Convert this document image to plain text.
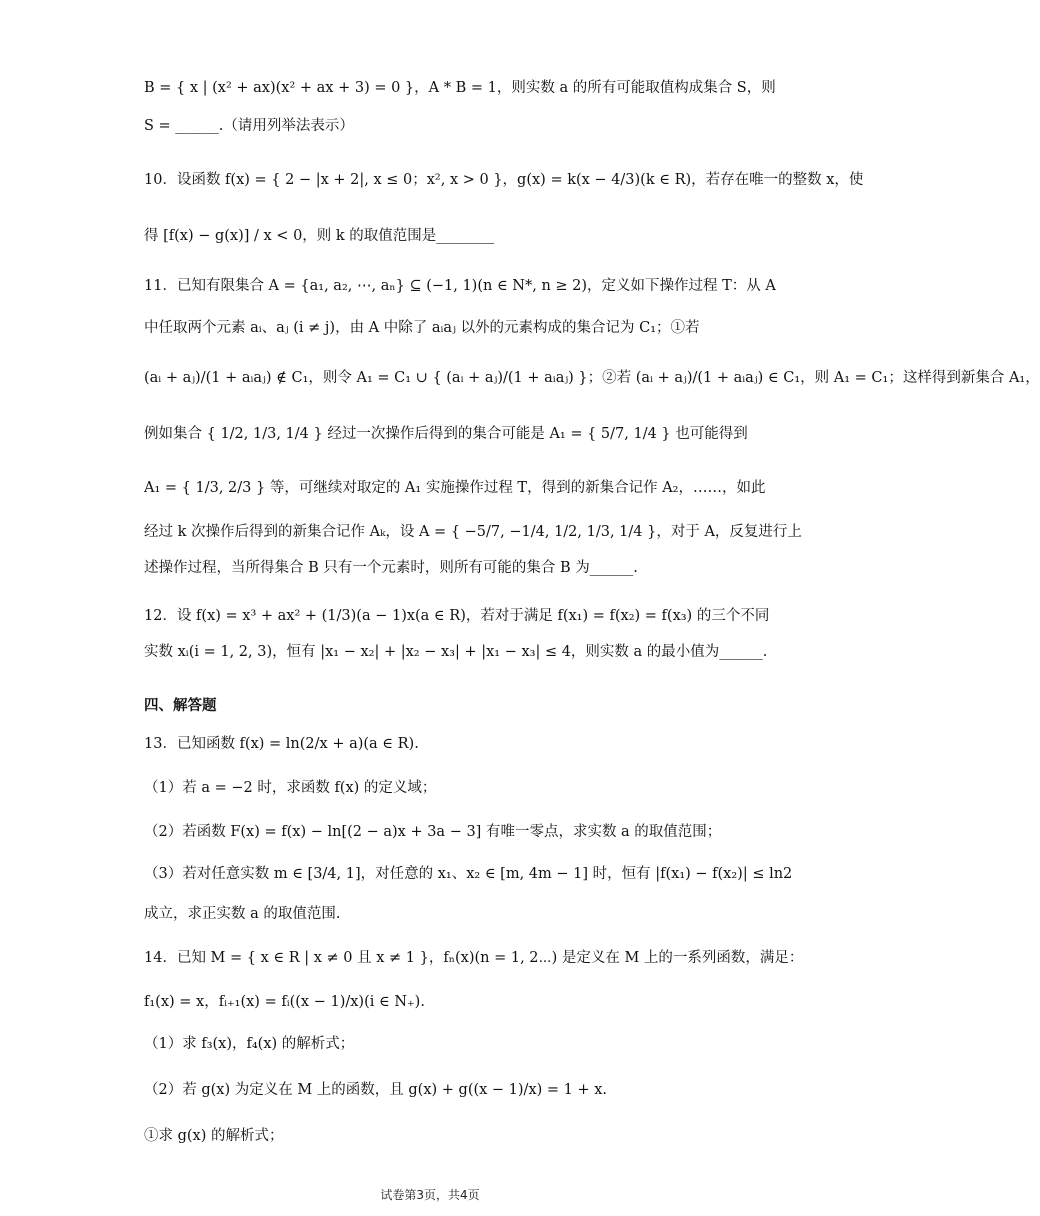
B = { x | (x² + ax)(x² + ax + 3) = 0 }，A * B = 1，则实数 a 的所有可能取值构成集合 S，则
S = ______.（请用列举法表示）
10．设函数 f(x) = { 2 − |x + 2|, x ≤ 0；x², x > 0 }，g(x) = k(x − 4/3)(k ∈ R)，若存在唯一的整数 x，使
得 [f(x) − g(x)] / x < 0，则 k 的取值范围是________
11．已知有限集合 A = {a₁, a₂, ⋯, aₙ} ⊆ (−1, 1)(n ∈ N*, n ≥ 2)，定义如下操作过程 T：从 A
中任取两个元素 aᵢ、aⱼ (i ≠ j)，由 A 中除了 aᵢaⱼ 以外的元素构成的集合记为 C₁；①若
(aᵢ + aⱼ)/(1 + aᵢaⱼ) ∉ C₁，则令 A₁ = C₁ ∪ { (aᵢ + aⱼ)/(1 + aᵢaⱼ) }；②若 (aᵢ + aⱼ)/(1 + aᵢaⱼ) ∈ C₁，则 A₁ = C₁；这样得到新集合 A₁，
例如集合 { 1/2, 1/3, 1/4 } 经过一次操作后得到的集合可能是 A₁ = { 5/7, 1/4 } 也可能得到
A₁ = { 1/3, 2/3 } 等，可继续对取定的 A₁ 实施操作过程 T，得到的新集合记作 A₂，……，如此
经过 k 次操作后得到的新集合记作 Aₖ，设 A = { −5/7, −1/4, 1/2, 1/3, 1/4 }，对于 A，反复进行上
述操作过程，当所得集合 B 只有一个元素时，则所有可能的集合 B 为______.
12．设 f(x) = x³ + ax² + (1/3)(a − 1)x(a ∈ R)，若对于满足 f(x₁) = f(x₂) = f(x₃) 的三个不同
实数 xᵢ(i = 1, 2, 3)，恒有 |x₁ − x₂| + |x₂ − x₃| + |x₁ − x₃| ≤ 4，则实数 a 的最小值为______.
四、解答题
13．已知函数 f(x) = ln(2/x + a)(a ∈ R).
（1）若 a = −2 时，求函数 f(x) 的定义域；
（2）若函数 F(x) = f(x) − ln[(2 − a)x + 3a − 3] 有唯一零点，求实数 a 的取值范围；
（3）若对任意实数 m ∈ [3/4, 1]，对任意的 x₁、x₂ ∈ [m, 4m − 1] 时，恒有 |f(x₁) − f(x₂)| ≤ ln2
成立，求正实数 a 的取值范围.
14．已知 M = { x ∈ R | x ≠ 0 且 x ≠ 1 }，fₙ(x)(n = 1, 2⋯) 是定义在 M 上的一系列函数，满足：
f₁(x) = x，fᵢ₊₁(x) = fᵢ((x − 1)/x)(i ∈ N₊).
（1）求 f₃(x)，f₄(x) 的解析式；
（2）若 g(x) 为定义在 M 上的函数，且 g(x) + g((x − 1)/x) = 1 + x.
①求 g(x) 的解析式；
试卷第3页，共4页
